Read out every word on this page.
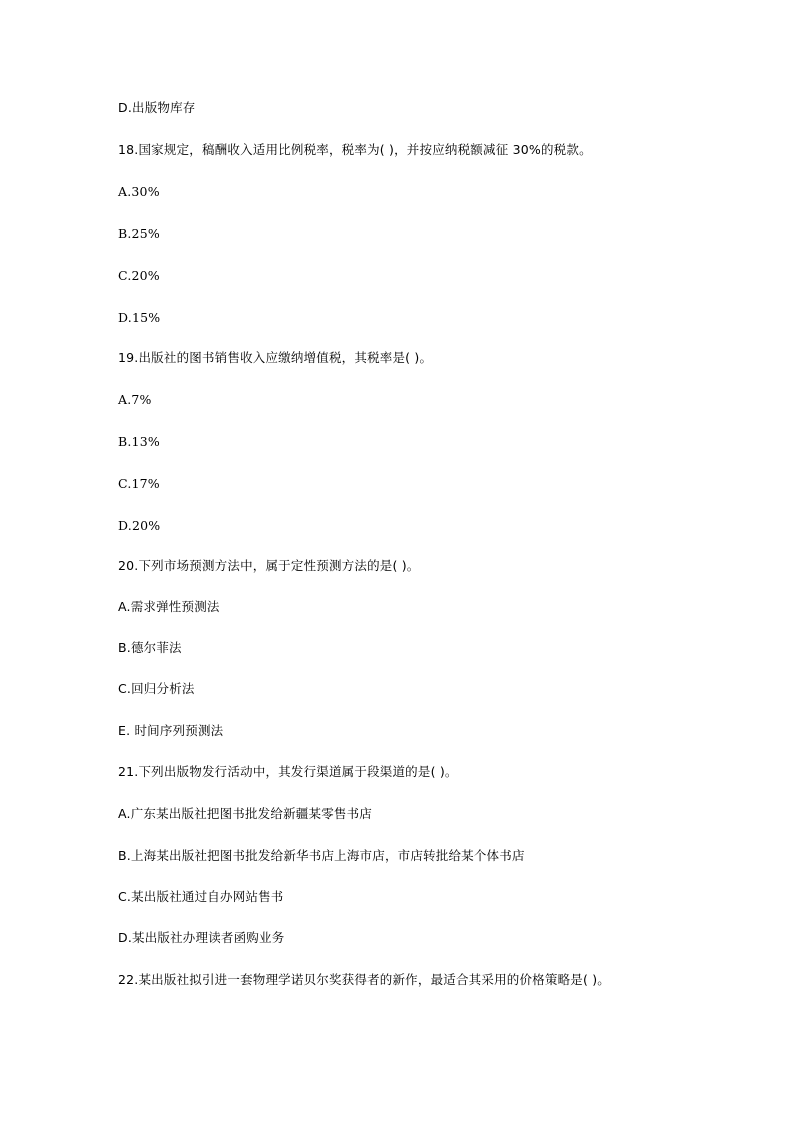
D.出版物库存
18.国家规定，稿酬收入适用比例税率，税率为( )，并按应纳税额减征 30%的税款。
A.30%
B.25%
C.20%
D.15%
19.出版社的图书销售收入应缴纳增值税，其税率是( )。
A.7%
B.13%
C.17%
D.20%
20.下列市场预测方法中，属于定性预测方法的是( )。
A.需求弹性预测法
B.德尔菲法
C.回归分析法
E. 时间序列预测法
21.下列出版物发行活动中，其发行渠道属于段渠道的是( )。
A.广东某出版社把图书批发给新疆某零售书店
B.上海某出版社把图书批发给新华书店上海市店，市店转批给某个体书店
C.某出版社通过自办网站售书
D.某出版社办理读者函购业务
22.某出版社拟引进一套物理学诺贝尔奖获得者的新作，最适合其采用的价格策略是( )。
